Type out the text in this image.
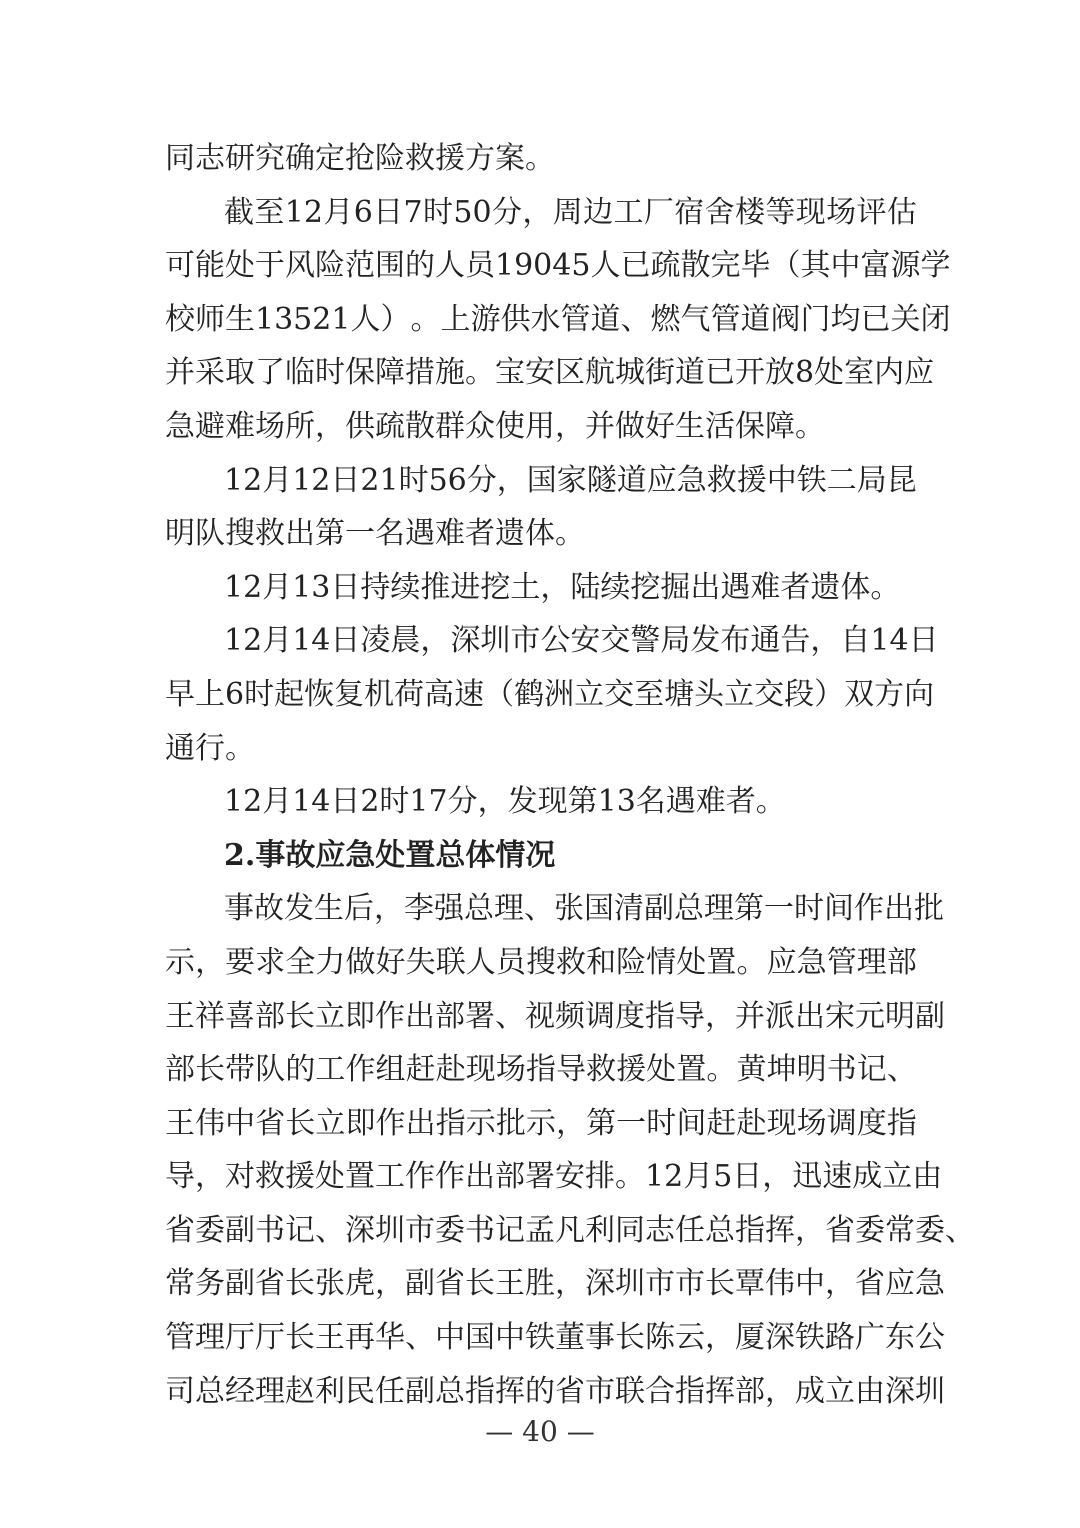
同志研究确定抢险救援方案。
截 至 12 月 6 日 7 时 50 分 ， 周 边 工 厂 宿 舍 楼 等 现 场 评 估
可 能 处 于 风 险 范 围 的 人 员 19045 人 已 疏 散 完 毕 （ 其 中 富 源 学
校 师 生 13521 人 ） 。 上 游 供 水 管 道 、 燃 气 管 道 阀 门 均 已 关 闭
并 采 取 了 临 时 保 障 措 施 。 宝 安 区 航 城 街 道 已 开 放 8 处 室 内 应
急避难场所，供疏散群众使用，并做好生活保障。
12 月 12 日 21 时 56 分 ， 国 家 隧 道 应 急 救 援 中 铁 二 局 昆
明队搜救出第一名遇难者遗体。
12月13日持续推进挖土，陆续挖掘出遇难者遗体。
12 月 14 日 凌 晨 ， 深 圳 市 公 安 交 警 局 发 布 通 告 ， 自 14 日
早 上 6 时 起 恢 复 机 荷 高 速 （ 鹤 洲 立 交 至 塘 头 立 交 段 ） 双 方 向
通行。
12月14日2时17分，发现第13名遇难者。
2.事故应急处置总体情况
事 故 发 生 后 ， 李 强 总 理 、 张 国 清 副 总 理 第 一 时 间 作 出 批
示 ， 要 求 全 力 做 好 失 联 人 员 搜 救 和 险 情 处 置 。 应 急 管 理 部
王 祥 喜 部 长 立 即 作 出 部 署 、 视 频 调 度 指 导 ， 并 派 出 宋 元 明 副
部 长 带 队 的 工 作 组 赶 赴 现 场 指 导 救 援 处 置 。 黄 坤 明 书 记 、
王 伟 中 省 长 立 即 作 出 指 示 批 示 ， 第 一 时 间 赶 赴 现 场 调 度 指
导 ， 对 救 援 处 置 工 作 作 出 部 署 安 排 。 12 月 5 日 ， 迅 速 成 立 由
省 委 副 书 记 、 深 圳 市 委 书 记 孟 凡 利 同 志 任 总 指 挥 ， 省 委 常 委 、
常 务 副 省 长 张 虎 ， 副 省 长 王 胜 ， 深 圳 市 市 长 覃 伟 中 ， 省 应 急
管 理 厅 厅 长 王 再 华 、 中 国 中 铁 董 事 长 陈 云 ， 厦 深 铁 路 广 东 公
司 总 经 理 赵 利 民 任 副 总 指 挥 的 省 市 联 合 指 挥 部 ， 成 立 由 深 圳
— 40 —
